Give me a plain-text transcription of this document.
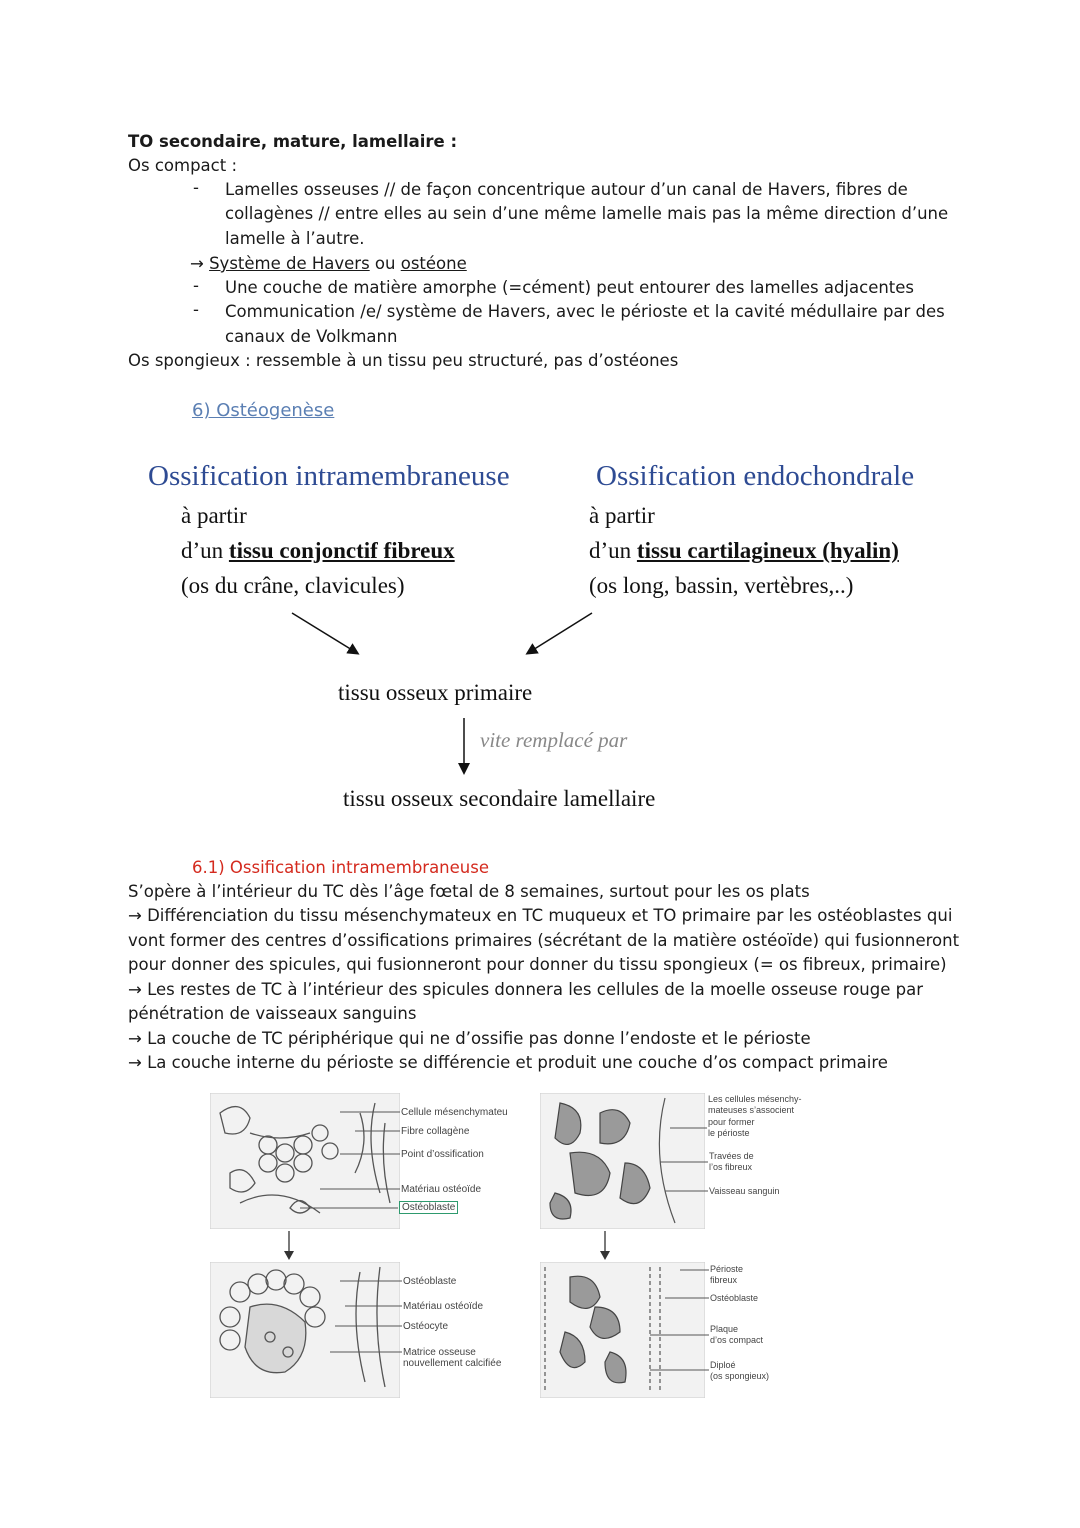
TO secondaire, mature, lamellaire :
Os compact :
- Lamelles osseuses // de façon concentrique autour d’un canal de Havers, fibres de
collagènes // entre elles au sein d’une même lamelle mais pas la même direction d’une
lamelle à l’autre.
→ Système de Havers ou ostéone
- Une couche de matière amorphe (=cément) peut entourer des lamelles adjacentes
- Communication /e/ système de Havers, avec le périoste et la cavité médullaire par des
canaux de Volkmann
Os spongieux : ressemble à un tissu peu structuré, pas d’ostéones
6) Ostéogenèse
Ossification intramembraneuse	Ossification endochondrale
à partir
d’un tissu conjonctif fibreux
(os du crâne, clavicules)
à partir
d’un tissu cartilagineux (hyalin)
(os long, bassin, vertèbres,..)
tissu osseux primaire
vite remplacé par
tissu osseux secondaire lamellaire
6.1) Ossification intramembraneuse
S’opère à l’intérieur du TC dès l’âge fœtal de 8 semaines, surtout pour les os plats
→ Différenciation du tissu mésenchymateux en TC muqueux et TO primaire par les ostéoblastes qui
vont former des centres d’ossifications primaires (sécrétant de la matière ostéoïde) qui fusionneront
pour donner des spicules, qui fusionneront pour donner du tissu spongieux (= os fibreux, primaire)
→ Les restes de TC à l’intérieur des spicules donnera les cellules de la moelle osseuse rouge par
pénétration de vaisseaux sanguins
→ La couche de TC périphérique qui ne d’ossifie pas donne l’endoste et le périoste
→ La couche interne du périoste se différencie et produit une couche d’os compact primaire
Cellule mésenchymateu
Fibre collagène
Point d’ossification
Matériau ostéoïde
Ostéoblaste
Ostéoblaste
Matériau ostéoïde
Ostéocyte
Matrice osseuse
nouvellement calcifiée
Les cellules mésenchy-
mateuses s’associent
pour former
le périoste
Travées de
l’os fibreux
Vaisseau sanguin
Périoste
fibreux
Ostéoblaste
Plaque
d’os compact
Diploé
(os spongieux)
